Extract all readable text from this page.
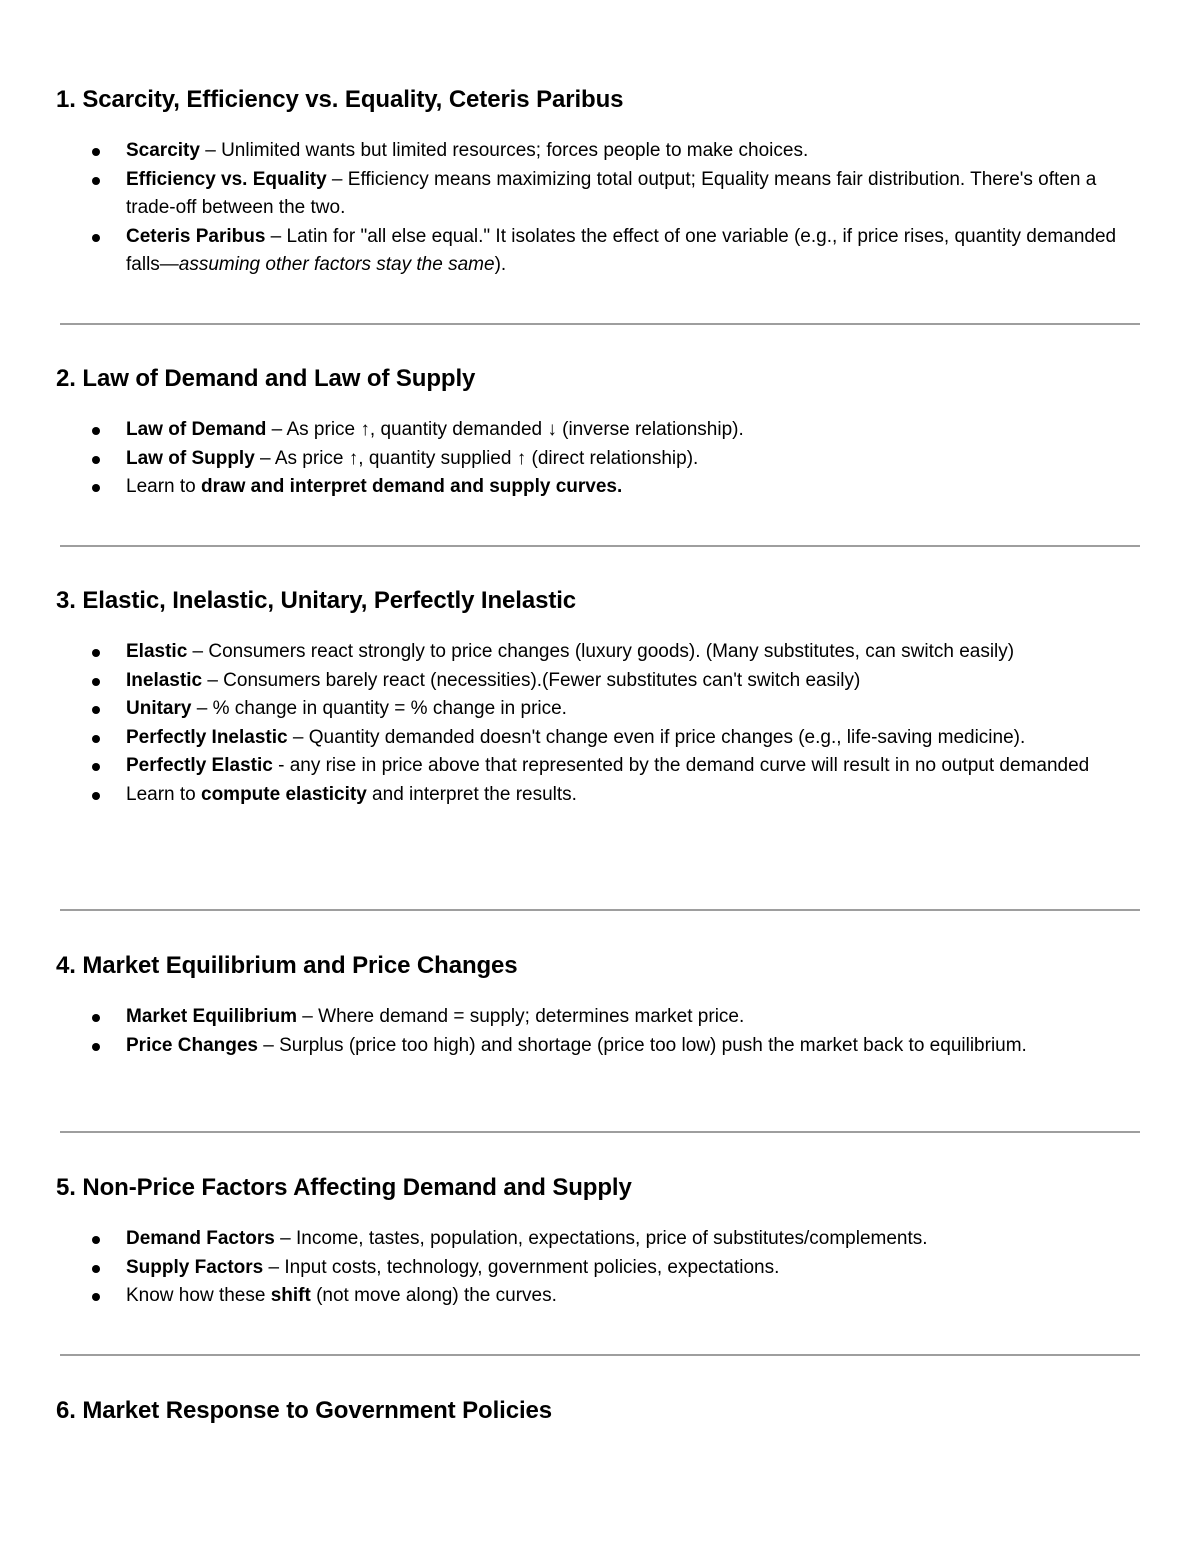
1. Scarcity, Efficiency vs. Equality, Ceteris Paribus
Scarcity – Unlimited wants but limited resources; forces people to make choices.
Efficiency vs. Equality – Efficiency means maximizing total output; Equality means fair distribution. There's often a trade-off between the two.
Ceteris Paribus – Latin for "all else equal." It isolates the effect of one variable (e.g., if price rises, quantity demanded falls—assuming other factors stay the same).
2. Law of Demand and Law of Supply
Law of Demand – As price ↑, quantity demanded ↓ (inverse relationship).
Law of Supply – As price ↑, quantity supplied ↑ (direct relationship).
Learn to draw and interpret demand and supply curves.
3. Elastic, Inelastic, Unitary, Perfectly Inelastic
Elastic – Consumers react strongly to price changes (luxury goods). (Many substitutes, can switch easily)
Inelastic – Consumers barely react (necessities).(Fewer substitutes can't switch easily)
Unitary – % change in quantity = % change in price.
Perfectly Inelastic – Quantity demanded doesn't change even if price changes (e.g., life-saving medicine).
Perfectly Elastic - any rise in price above that represented by the demand curve will result in no output demanded
Learn to compute elasticity and interpret the results.
4. Market Equilibrium and Price Changes
Market Equilibrium – Where demand = supply; determines market price.
Price Changes – Surplus (price too high) and shortage (price too low) push the market back to equilibrium.
5. Non-Price Factors Affecting Demand and Supply
Demand Factors – Income, tastes, population, expectations, price of substitutes/complements.
Supply Factors – Input costs, technology, government policies, expectations.
Know how these shift (not move along) the curves.
6. Market Response to Government Policies
